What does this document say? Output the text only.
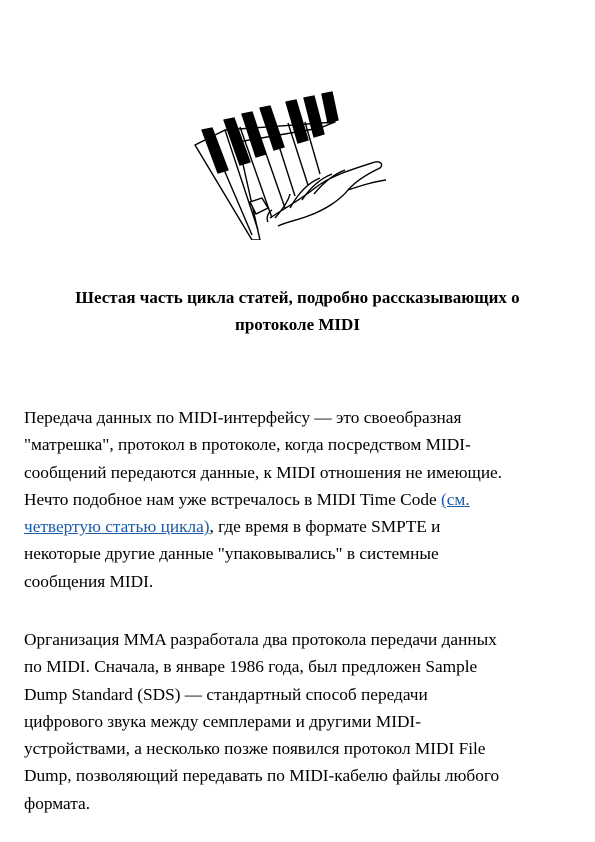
Шестая часть цикла статей, подробно рассказывающих о
протоколе MIDI

Передача данных по MIDI-интерфейсу — это своеобразная
"матрешка", протокол в протоколе, когда посредством MIDI-
сообщений передаются данные, к MIDI отношения не имеющие.
Нечто подобное нам уже встречалось в MIDI Time Code (см.
четвертую статью цикла), где время в формате SMPTE и
некоторые другие данные "упаковывались" в системные
сообщения MIDI.

Организация MMA разработала два протокола передачи данных
по MIDI. Сначала, в январе 1986 года, был предложен Sample
Dump Standard (SDS) — стандартный способ передачи
цифрового звука между семплерами и другими MIDI-
устройствами, а несколько позже появился протокол MIDI File
Dump, позволяющий передавать по MIDI-кабелю файлы любого
формата.
